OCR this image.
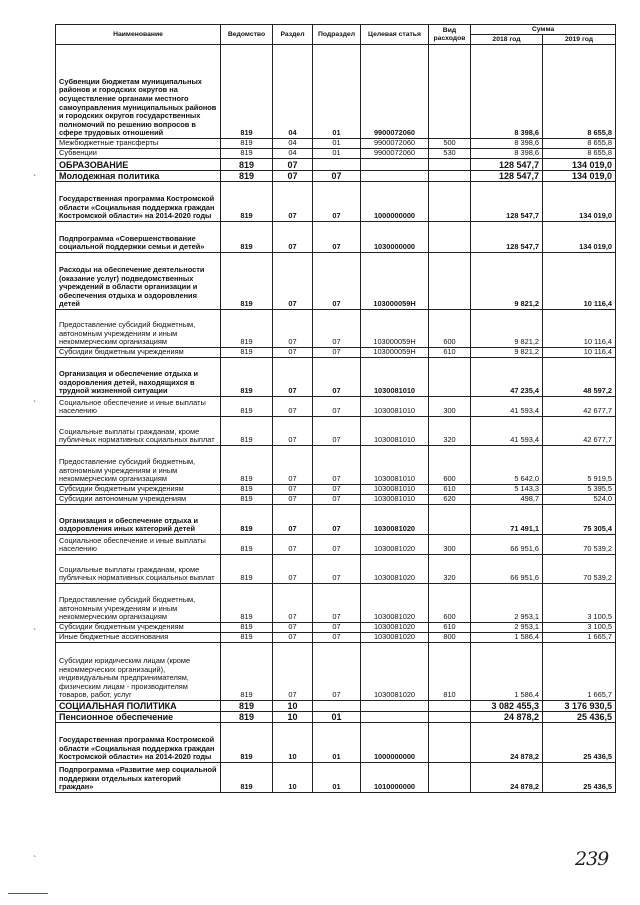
Наименование	Ведомство	Раздел	Подраздел	Целевая статья	Вид расходов	Сумма	
						2018 год	2019 год
Субвенции бюджетам муниципальных районов и городских округов на осуществление органами местного самоуправления муниципальных районов и городских округов государственных полномочий по решению вопросов в сфере трудовых отношений	819	04	01	9900072060		8 398,6	8 655,8
Межбюджетные трансферты	819	04	01	9900072060	500	8 398,6	8 655,8
Субвенции	819	04	01	9900072060	530	8 398,6	8 655,8
ОБРАЗОВАНИЕ	819	07				128 547,7	134 019,0
Молодежная политика	819	07	07			128 547,7	134 019,0
Государственная программа Костромской области «Социальная поддержка граждан Костромской области» на 2014-2020 годы	819	07	07	1000000000		128 547,7	134 019,0
Подпрограмма «Совершенствование социальной поддержки семьи и детей»	819	07	07	1030000000		128 547,7	134 019,0
Расходы на обеспечение деятельности (оказание услуг) подведомственных учреждений в области организации и обеспечения отдыха и оздоровления детей	819	07	07	103000059Н		9 821,2	10 116,4
Предоставление субсидий бюджетным, автономным учреждениям и иным некоммерческим организациям	819	07	07	103000059Н	600	9 821,2	10 116,4
Субсидии бюджетным учреждениям	819	07	07	103000059Н	610	9 821,2	10 116,4
Организация и обеспечение отдыха и оздоровления детей, находящихся в трудной жизненной ситуации	819	07	07	1030081010		47 235,4	48 597,2
Социальное обеспечение и иные выплаты населению	819	07	07	1030081010	300	41 593,4	42 677,7
Социальные выплаты гражданам, кроме публичных нормативных социальных выплат	819	07	07	1030081010	320	41 593,4	42 677,7
Предоставление субсидий бюджетным, автономным учреждениям и иным некоммерческим организациям	819	07	07	1030081010	600	5 642,0	5 919,5
Субсидии бюджетным учреждениям	819	07	07	1030081010	610	5 143,3	5 395,5
Субсидии автономным учреждениям	819	07	07	1030081010	620	498,7	524,0
Организация и обеспечение отдыха и оздоровления иных категорий детей	819	07	07	1030081020		71 491,1	75 305,4
Социальное обеспечение и иные выплаты населению	819	07	07	1030081020	300	66 951,6	70 539,2
Социальные выплаты гражданам, кроме публичных нормативных социальных выплат	819	07	07	1030081020	320	66 951,6	70 539,2
Предоставление субсидий бюджетным, автономным учреждениям и иным некоммерческим организациям	819	07	07	1030081020	600	2 953,1	3 100,5
Субсидии бюджетным учреждениям	819	07	07	1030081020	610	2 953,1	3 100,5
Иные бюджетные ассигнования	819	07	07	1030081020	800	1 586,4	1 665,7
Субсидии юридическим лицам (кроме некоммерческих организаций), индивидуальным предпринимателям, физическим лицам - производителям товаров, работ, услуг	819	07	07	1030081020	810	1 586,4	1 665,7
СОЦИАЛЬНАЯ ПОЛИТИКА	819	10				3 082 455,3	3 176 930,5
Пенсионное обеспечение	819	10	01			24 878,2	25 436,5
Государственная программа Костромской области «Социальная поддержка граждан Костромской области» на 2014-2020 годы	819	10	01	1000000000		24 878,2	25 436,5
Подпрограмма «Развитие мер социальной поддержки отдельных категорий граждан»	819	10	01	1010000000		24 878,2	25 436,5
`
`
`
`	239
